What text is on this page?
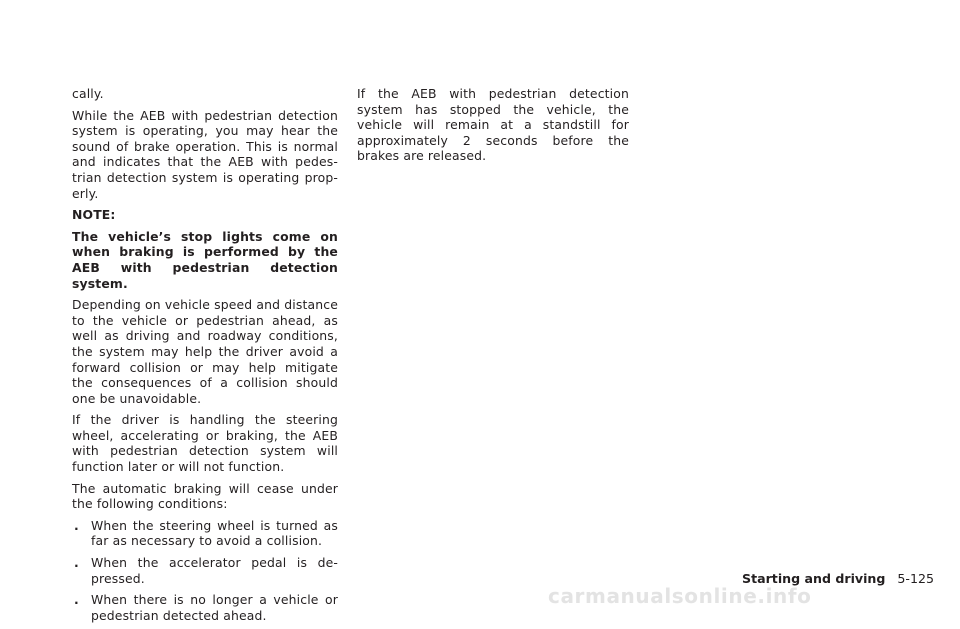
cally.

While the AEB with pedestrian detection system is operating, you may hear the sound of brake operation. This is normal and indicates that the AEB with pedes-trian detection system is operating prop-erly.

NOTE:

The vehicle’s stop lights come on when braking is performed by the AEB with pedestrian detection system.

Depending on vehicle speed and distance to the vehicle or pedestrian ahead, as well as driving and roadway conditions, the system may help the driver avoid a forward collision or may help mitigate the consequences of a collision should one be unavoidable.

If the driver is handling the steering wheel, accelerating or braking, the AEB with pedestrian detection system will function later or will not function.

The automatic braking will cease under the following conditions:

. When the steering wheel is turned as far as necessary to avoid a collision.
. When the accelerator pedal is de-pressed.
. When there is no longer a vehicle or pedestrian detected ahead.

If the AEB with pedestrian detection system has stopped the vehicle, the vehicle will remain at a standstill for approximately 2 seconds before the brakes are released.

Starting and driving 5-125
carmanualsonline.info
